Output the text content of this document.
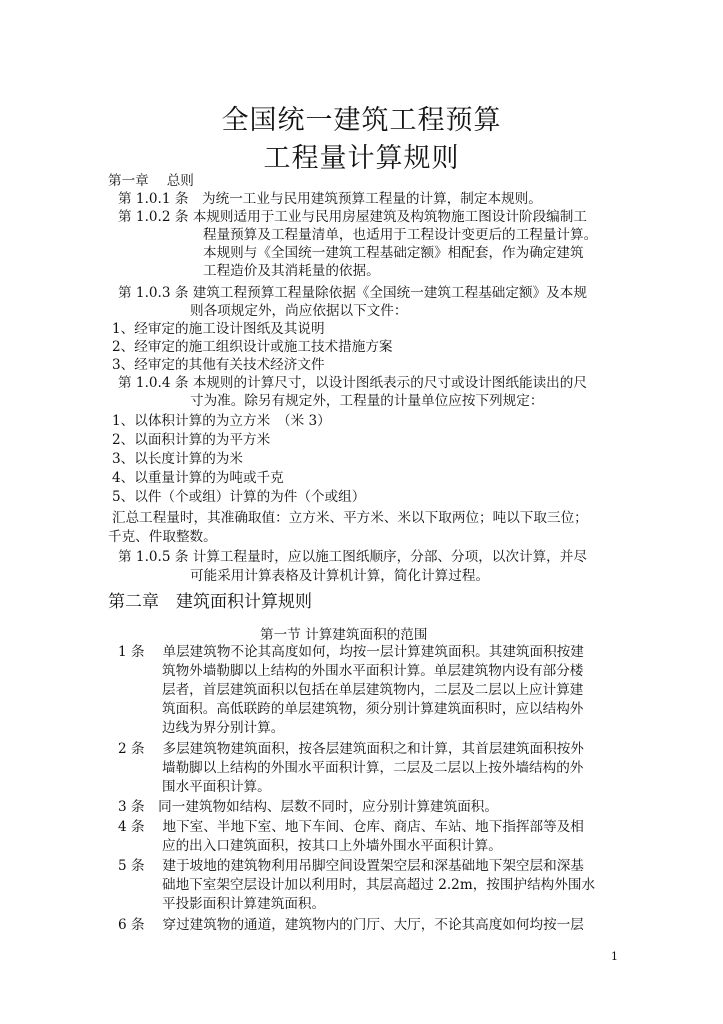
全国统一建筑工程预算
工程量计算规则
第一章　 总则
第 1.0.1 条　为统一工业与民用建筑预算工程量的计算，制定本规则。
第 1.0.2 条 本规则适用于工业与民用房屋建筑及构筑物施工图设计阶段编制工
程量预算及工程量清单，也适用于工程设计变更后的工程量计算。
本规则与《全国统一建筑工程基础定额》相配套，作为确定建筑
工程造价及其消耗量的依据。
第 1.0.3 条 建筑工程预算工程量除依据《全国统一建筑工程基础定额》及本规
则各项规定外，尚应依据以下文件：
1、经审定的施工设计图纸及其说明
2、经审定的施工组织设计或施工技术措施方案
3、经审定的其他有关技术经济文件
第 1.0.4 条 本规则的计算尺寸，以设计图纸表示的尺寸或设计图纸能读出的尺
寸为准。除另有规定外，工程量的计量单位应按下列规定：
1、以体积计算的为立方米　（米 3）
2、以面积计算的为平方米
3、以长度计算的为米
4、以重量计算的为吨或千克
5、以件（个或组）计算的为件（个或组）
汇总工程量时，其准确取值：立方米、平方米、米以下取两位；吨以下取三位；
千克、件取整数。
第 1.0.5 条 计算工程量时，应以施工图纸顺序，分部、分项，以次计算，并尽
可能采用计算表格及计算机计算，简化计算过程。
第二章　建筑面积计算规则
第一节 计算建筑面积的范围
1 条　 单层建筑物不论其高度如何，均按一层计算建筑面积。其建筑面积按建
筑物外墙勒脚以上结构的外围水平面积计算。单层建筑物内设有部分楼
层者，首层建筑面积以包括在单层建筑物内，二层及二层以上应计算建
筑面积。高低联跨的单层建筑物，须分别计算建筑面积时，应以结构外
边线为界分别计算。
2 条　 多层建筑物建筑面积，按各层建筑面积之和计算，其首层建筑面积按外
墙勒脚以上结构的外围水平面积计算，二层及二层以上按外墙结构的外
围水平面积计算。
3 条　同一建筑物如结构、层数不同时，应分别计算建筑面积。
4 条　 地下室、半地下室、地下车间、仓库、商店、车站、地下指挥部等及相
应的出入口建筑面积，按其口上外墙外围水平面积计算。
5 条　 建于坡地的建筑物利用吊脚空间设置架空层和深基础地下架空层和深基
础地下室架空层设计加以利用时，其层高超过 2.2m，按围护结构外围水
平投影面积计算建筑面积。
6 条　 穿过建筑物的通道，建筑物内的门厅、大厅，不论其高度如何均按一层
1
